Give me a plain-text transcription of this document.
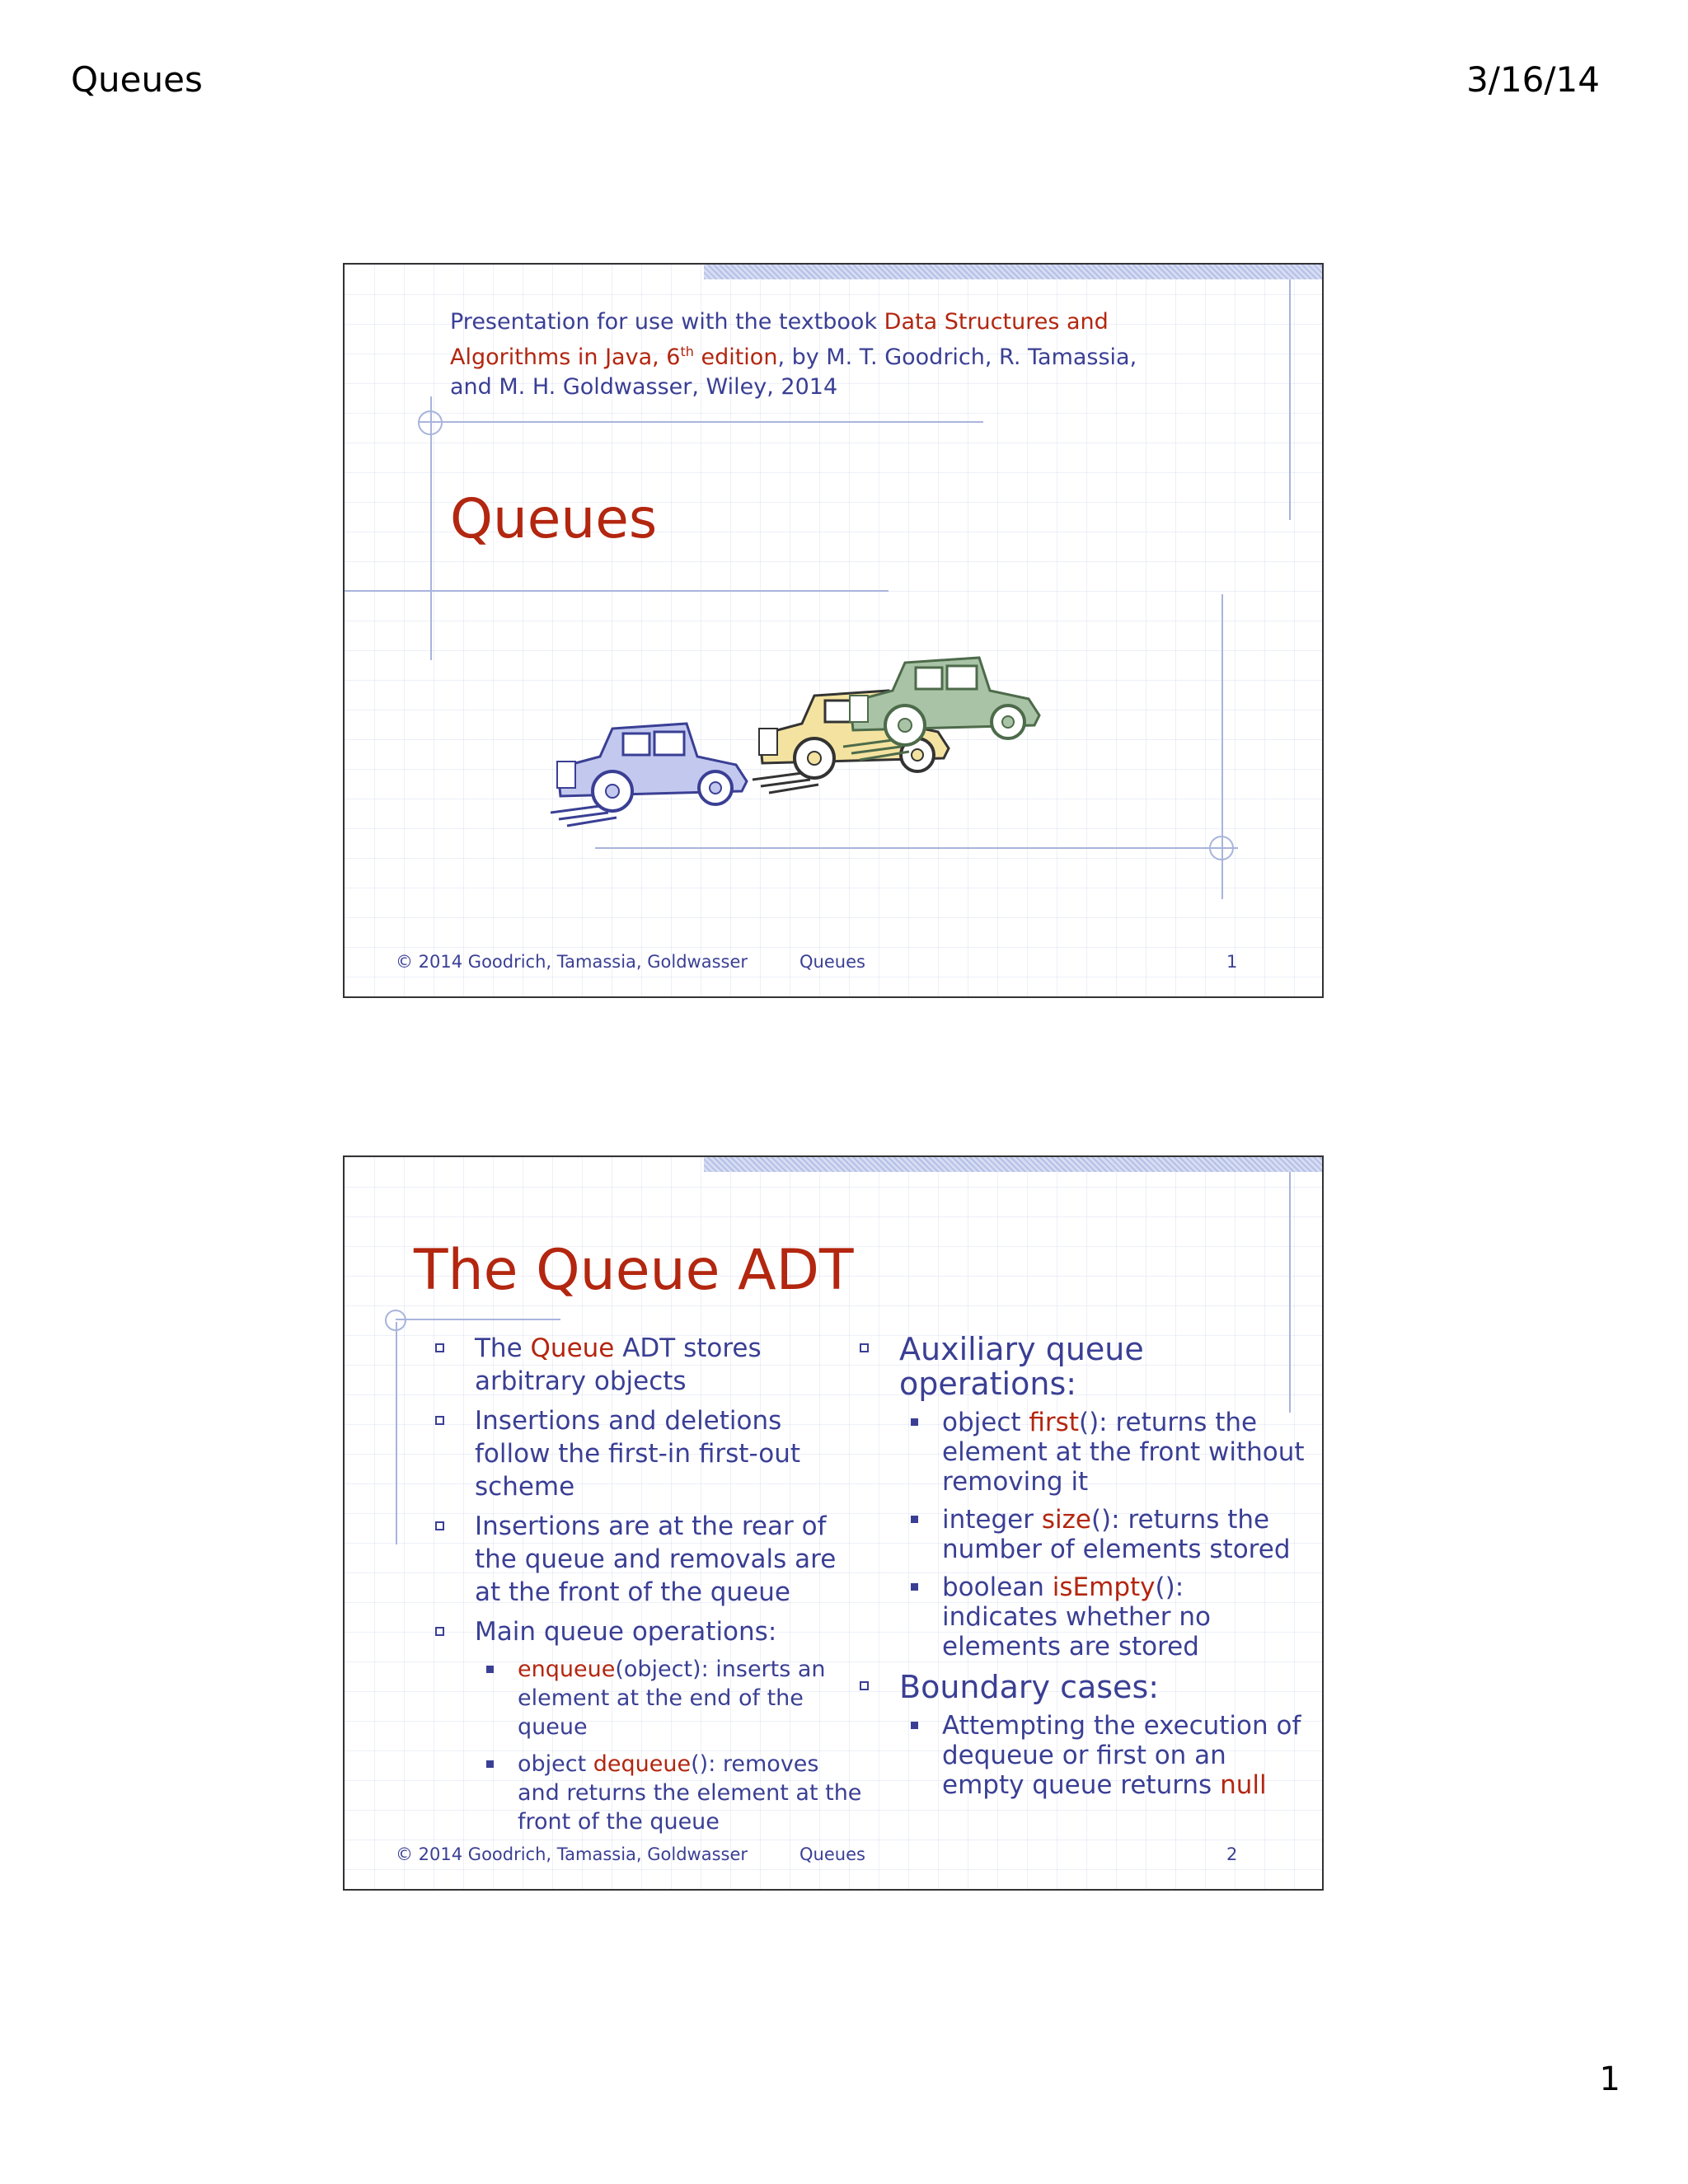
Queues	3/16/14
Presentation for use with the textbook Data Structures and Algorithms in Java, 6th edition, by M. T. Goodrich, R. Tamassia, and M. H. Goldwasser, Wiley, 2014
Queues
© 2014 Goodrich, Tamassia, Goldwasser	Queues	1
The Queue ADT
The Queue ADT stores arbitrary objects
Insertions and deletions follow the first-in first-out scheme
Insertions are at the rear of the queue and removals are at the front of the queue
Main queue operations:
enqueue(object): inserts an element at the end of the queue
object dequeue(): removes and returns the element at the front of the queue
Auxiliary queue operations:
object first(): returns the element at the front without removing it
integer size(): returns the number of elements stored
boolean isEmpty(): indicates whether no elements are stored
Boundary cases:
Attempting the execution of dequeue or first on an empty queue returns null
© 2014 Goodrich, Tamassia, Goldwasser	Queues	2
1
